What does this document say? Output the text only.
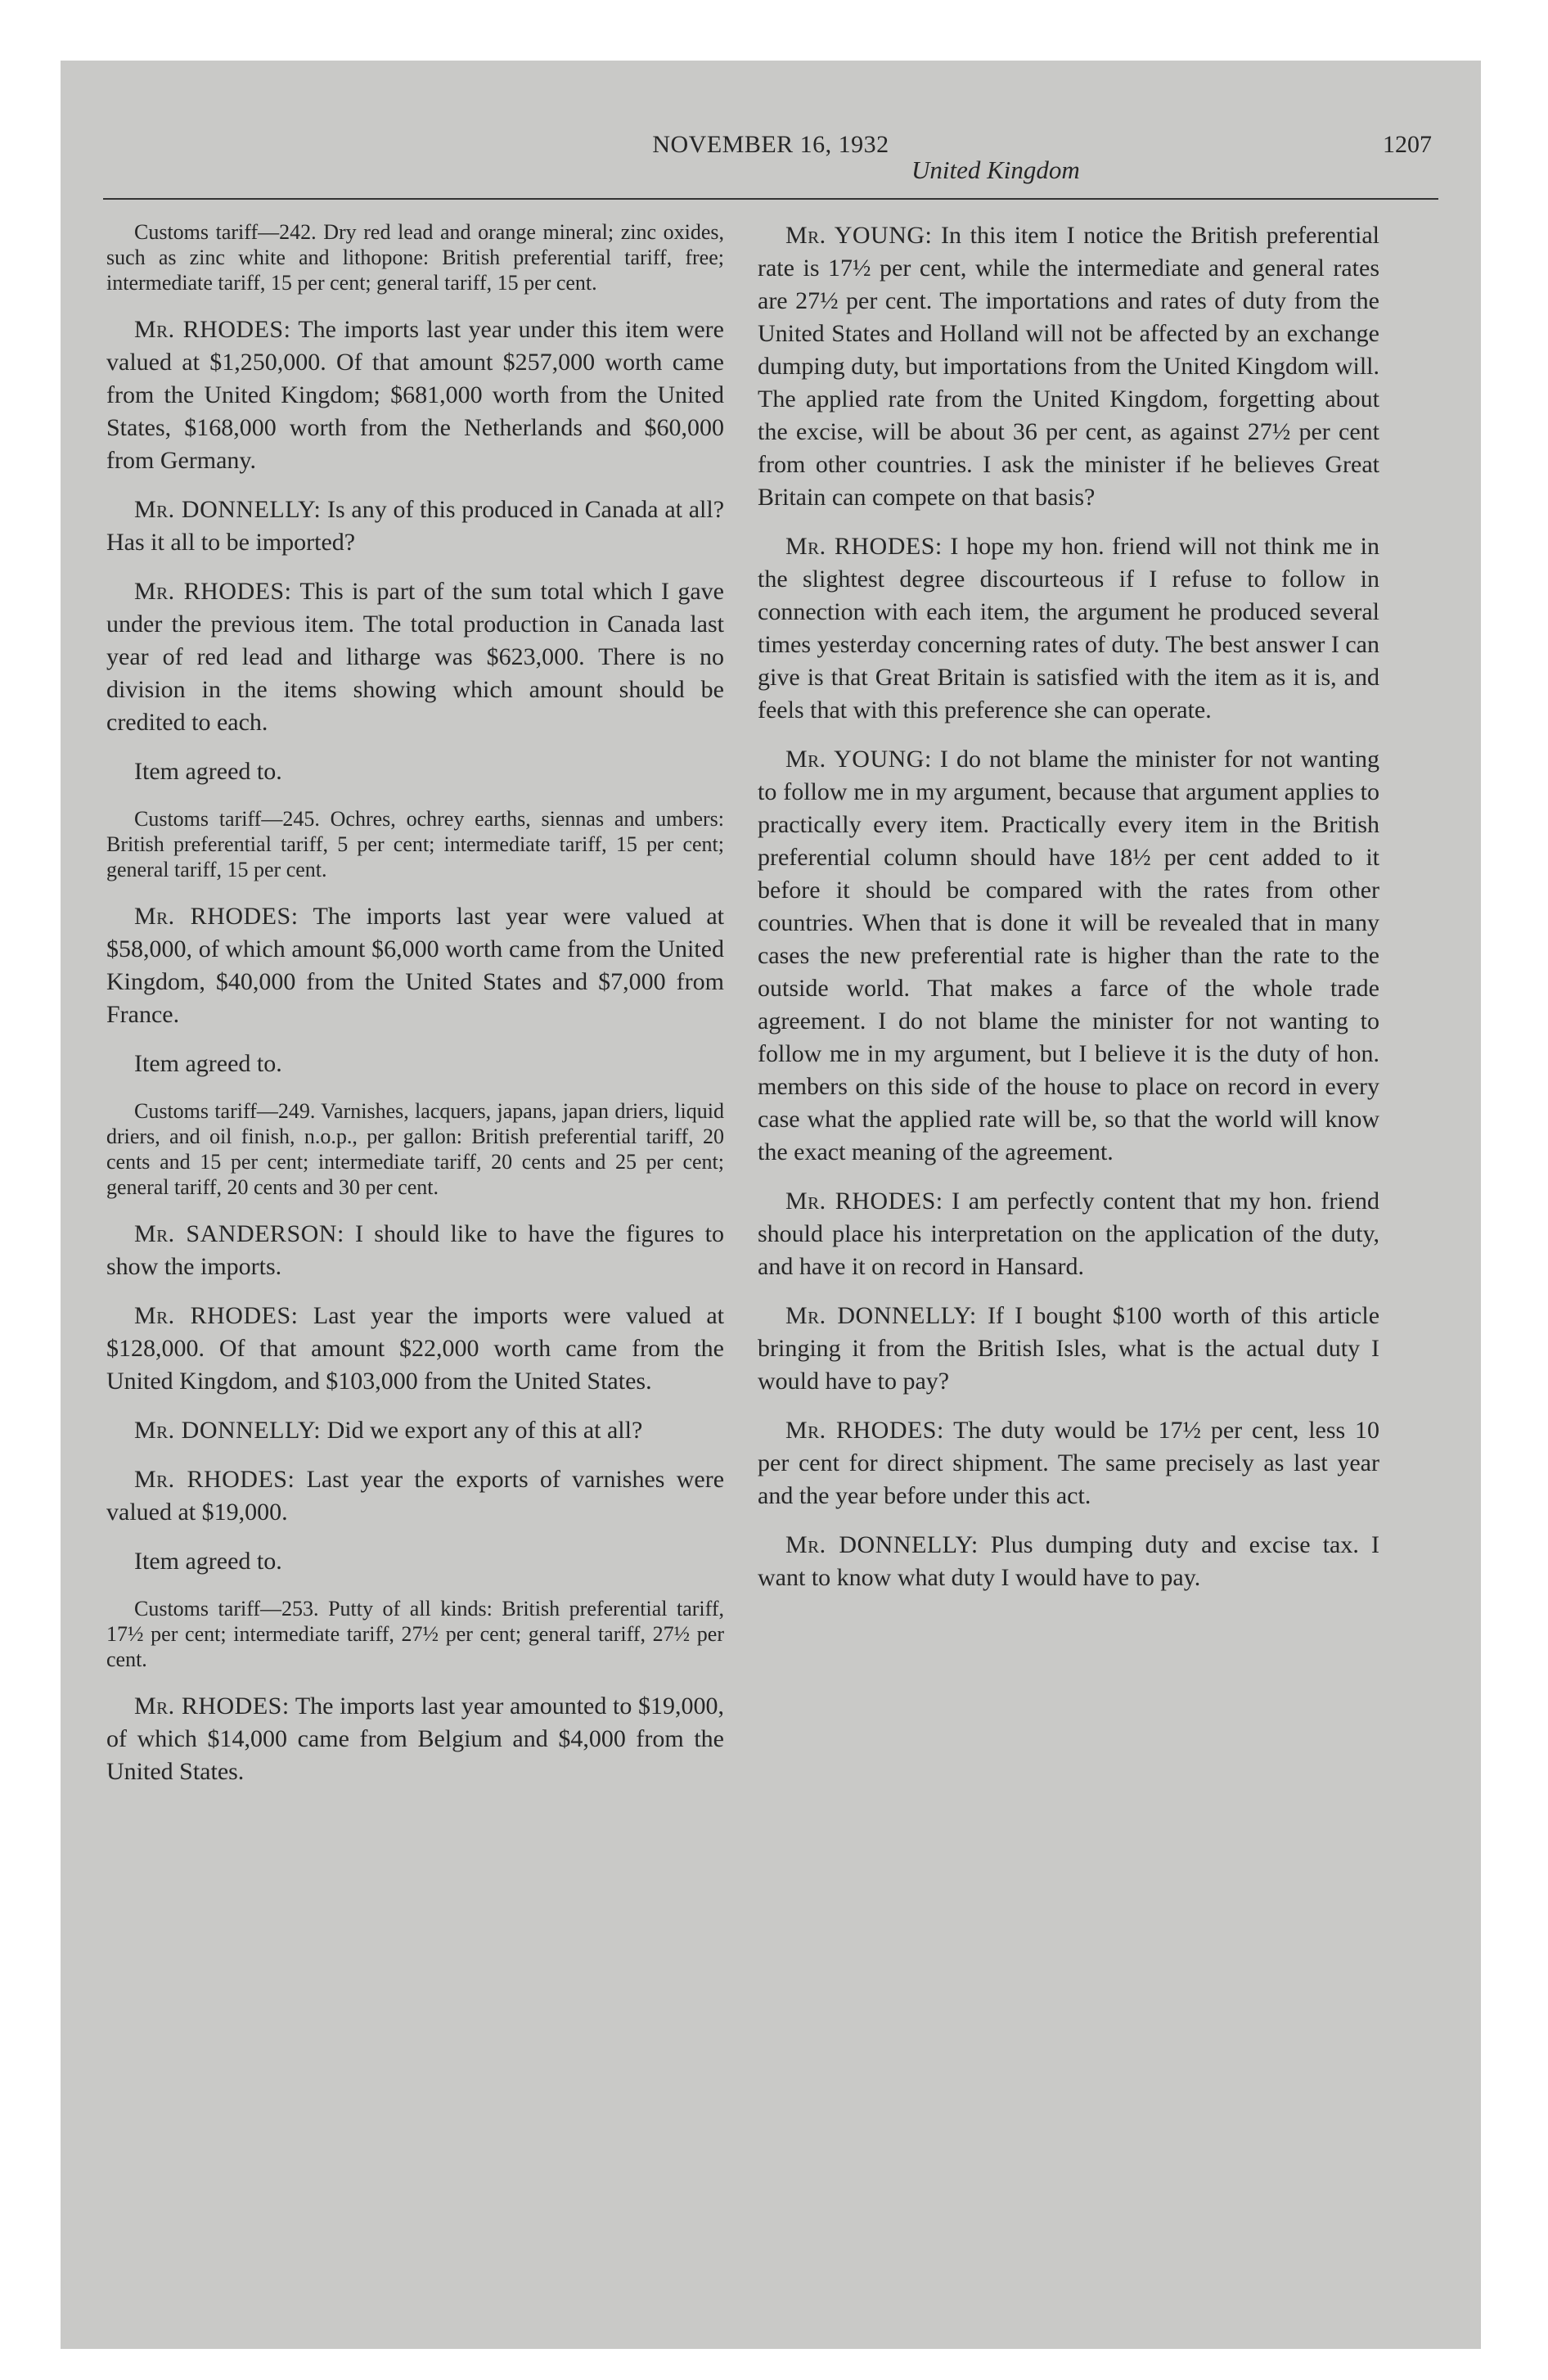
NOVEMBER 16, 1932
United Kingdom
1207

Customs tariff—242. Dry red lead and orange mineral; zinc oxides, such as zinc white and lithopone: British preferential tariff, free; intermediate tariff, 15 per cent; general tariff, 15 per cent.

Mr. RHODES: The imports last year under this item were valued at $1,250,000. Of that amount $257,000 worth came from the United Kingdom; $681,000 worth from the United States, $168,000 worth from the Netherlands and $60,000 from Germany.

Mr. DONNELLY: Is any of this produced in Canada at all? Has it all to be imported?

Mr. RHODES: This is part of the sum total which I gave under the previous item. The total production in Canada last year of red lead and litharge was $623,000. There is no division in the items showing which amount should be credited to each.

Item agreed to.

Customs tariff—245. Ochres, ochrey earths, siennas and umbers: British preferential tariff, 5 per cent; intermediate tariff, 15 per cent; general tariff, 15 per cent.

Mr. RHODES: The imports last year were valued at $58,000, of which amount $6,000 worth came from the United Kingdom, $40,000 from the United States and $7,000 from France.

Item agreed to.

Customs tariff—249. Varnishes, lacquers, japans, japan driers, liquid driers, and oil finish, n.o.p., per gallon: British preferential tariff, 20 cents and 15 per cent; intermediate tariff, 20 cents and 25 per cent; general tariff, 20 cents and 30 per cent.

Mr. SANDERSON: I should like to have the figures to show the imports.

Mr. RHODES: Last year the imports were valued at $128,000. Of that amount $22,000 worth came from the United Kingdom, and $103,000 from the United States.

Mr. DONNELLY: Did we export any of this at all?

Mr. RHODES: Last year the exports of varnishes were valued at $19,000.

Item agreed to.

Customs tariff—253. Putty of all kinds: British preferential tariff, 17½ per cent; intermediate tariff, 27½ per cent; general tariff, 27½ per cent.

Mr. RHODES: The imports last year amounted to $19,000, of which $14,000 came from Belgium and $4,000 from the United States.

Mr. YOUNG: In this item I notice the British preferential rate is 17½ per cent, while the intermediate and general rates are 27½ per cent. The importations and rates of duty from the United States and Holland will not be affected by an exchange dumping duty, but importations from the United Kingdom will. The applied rate from the United Kingdom, forgetting about the excise, will be about 36 per cent, as against 27½ per cent from other countries. I ask the minister if he believes Great Britain can compete on that basis?

Mr. RHODES: I hope my hon. friend will not think me in the slightest degree discourteous if I refuse to follow in connection with each item, the argument he produced several times yesterday concerning rates of duty. The best answer I can give is that Great Britain is satisfied with the item as it is, and feels that with this preference she can operate.

Mr. YOUNG: I do not blame the minister for not wanting to follow me in my argument, because that argument applies to practically every item. Practically every item in the British preferential column should have 18½ per cent added to it before it should be compared with the rates from other countries. When that is done it will be revealed that in many cases the new preferential rate is higher than the rate to the outside world. That makes a farce of the whole trade agreement. I do not blame the minister for not wanting to follow me in my argument, but I believe it is the duty of hon. members on this side of the house to place on record in every case what the applied rate will be, so that the world will know the exact meaning of the agreement.

Mr. RHODES: I am perfectly content that my hon. friend should place his interpretation on the application of the duty, and have it on record in Hansard.

Mr. DONNELLY: If I bought $100 worth of this article bringing it from the British Isles, what is the actual duty I would have to pay?

Mr. RHODES: The duty would be 17½ per cent, less 10 per cent for direct shipment. The same precisely as last year and the year before under this act.

Mr. DONNELLY: Plus dumping duty and excise tax. I want to know what duty I would have to pay.
